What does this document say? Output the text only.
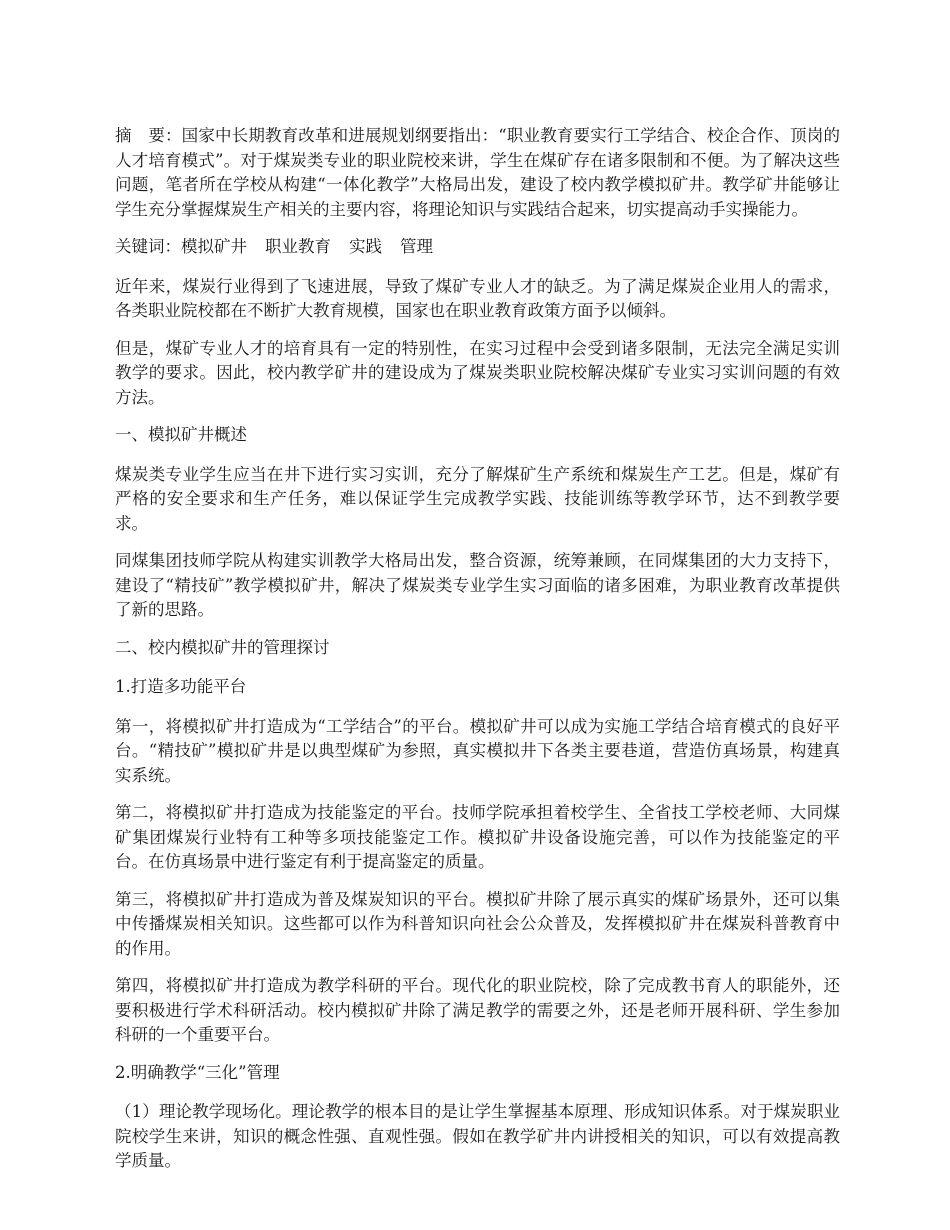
摘　要：国家中长期教育改革和进展规划纲要指出：“职业教育要实行工学结合、校企合作、顶岗的人才培育模式”。对于煤炭类专业的职业院校来讲，学生在煤矿存在诸多限制和不便。为了解决这些问题，笔者所在学校从构建“一体化教学”大格局出发，建设了校内教学模拟矿井。教学矿井能够让学生充分掌握煤炭生产相关的主要内容，将理论知识与实践结合起来，切实提高动手实操能力。

关键词：模拟矿井 职业教育 实践 管理

近年来，煤炭行业得到了飞速进展，导致了煤矿专业人才的缺乏。为了满足煤炭企业用人的需求，各类职业院校都在不断扩大教育规模，国家也在职业教育政策方面予以倾斜。

但是，煤矿专业人才的培育具有一定的特别性，在实习过程中会受到诸多限制，无法完全满足实训教学的要求。因此，校内教学矿井的建设成为了煤炭类职业院校解决煤矿专业实习实训问题的有效方法。

一、模拟矿井概述

煤炭类专业学生应当在井下进行实习实训，充分了解煤矿生产系统和煤炭生产工艺。但是，煤矿有严格的安全要求和生产任务，难以保证学生完成教学实践、技能训练等教学环节，达不到教学要求。

同煤集团技师学院从构建实训教学大格局出发，整合资源，统筹兼顾，在同煤集团的大力支持下，建设了“精技矿”教学模拟矿井，解决了煤炭类专业学生实习面临的诸多困难，为职业教育改革提供了新的思路。

二、校内模拟矿井的管理探讨

1.打造多功能平台

第一，将模拟矿井打造成为“工学结合”的平台。模拟矿井可以成为实施工学结合培育模式的良好平台。“精技矿”模拟矿井是以典型煤矿为参照，真实模拟井下各类主要巷道，营造仿真场景，构建真实系统。

第二，将模拟矿井打造成为技能鉴定的平台。技师学院承担着校学生、全省技工学校老师、大同煤矿集团煤炭行业特有工种等多项技能鉴定工作。模拟矿井设备设施完善，可以作为技能鉴定的平台。在仿真场景中进行鉴定有利于提高鉴定的质量。

第三，将模拟矿井打造成为普及煤炭知识的平台。模拟矿井除了展示真实的煤矿场景外，还可以集中传播煤炭相关知识。这些都可以作为科普知识向社会公众普及，发挥模拟矿井在煤炭科普教育中的作用。

第四，将模拟矿井打造成为教学科研的平台。现代化的职业院校，除了完成教书育人的职能外，还要积极进行学术科研活动。校内模拟矿井除了满足教学的需要之外，还是老师开展科研、学生参加科研的一个重要平台。

2.明确教学“三化”管理

（1）理论教学现场化。理论教学的根本目的是让学生掌握基本原理、形成知识体系。对于煤炭职业院校学生来讲，知识的概念性强、直观性强。假如在教学矿井内讲授相关的知识，可以有效提高教学质量。
